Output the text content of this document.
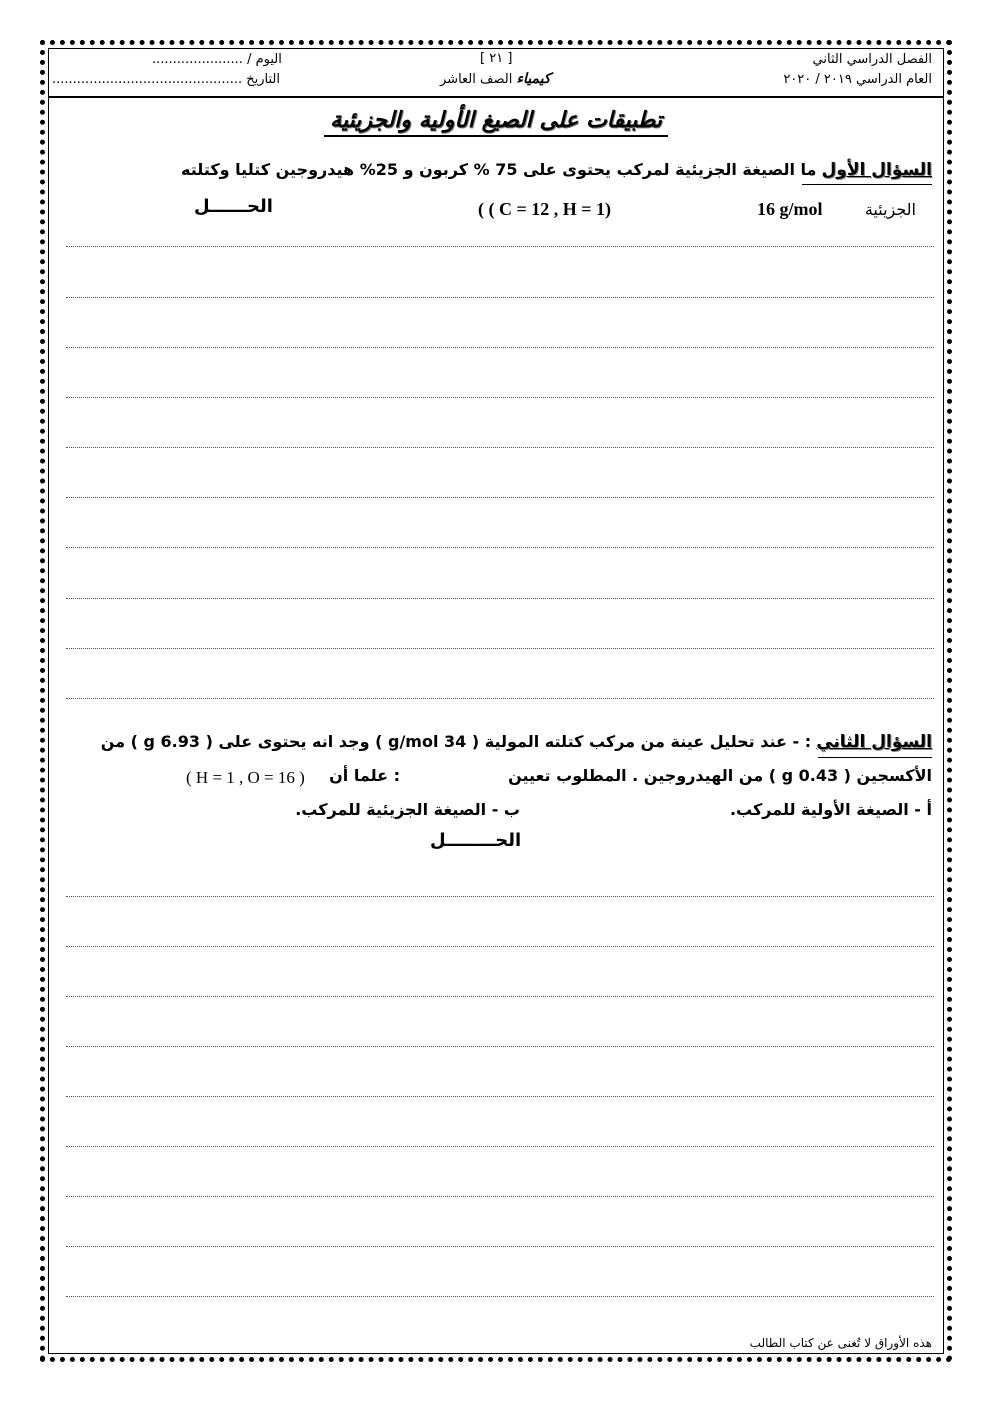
الفصل الدراسي الثاني
العام الدراسي ٢٠١٩ / ٢٠٢٠
[ ٢١ ]
كيمياء الصف العاشر
اليوم / ......................
التاريخ ..............................................
تطبيقات على الصيغ الأولية والجزيئية
السؤال الأول ما الصيغة الجزيئية لمركب يحتوى على 75 % كربون و 25% هيدروجين كتليا وكتلته
الجزيئية
16 g/mol
( ( C = 12 , H = 1)
الحــــــل
السؤال الثاني : - عند تحليل عينة من مركب كتلته المولية ( 34 g/mol ) وجد انه يحتوى على ( 6.93 g ) من
الأكسجين ( 0.43 g ) من الهيدروجين . المطلوب تعيين
: علما أن
( H = 1 , O = 16 )
أ - الصيغة الأولية للمركب.
ب - الصيغة الجزيئية للمركب.
الحــــــــل
هذه الأوراق لا تُغنى عن كتاب الطالب
